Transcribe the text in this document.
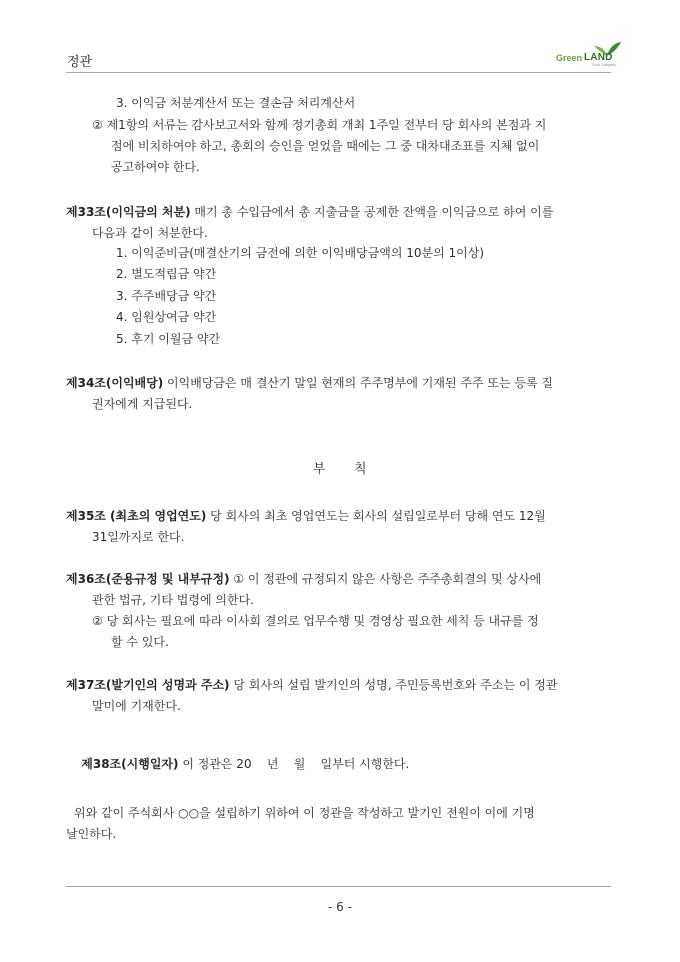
정관	Green LAND
Food Company
3. 이익금 처분계산서 또는 결손금 처리계산서
② 제1항의 서류는 감사보고서와 함께 정기총회 개최 1주일 전부터 당 회사의 본점과 지
점에 비치하여야 하고, 총회의 승인을 얻었을 때에는 그 중 대차대조표를 지체 없이
공고하여야 한다.
제33조(이익금의 처분) 매기 총 수입금에서 총 지출금을 공제한 잔액을 이익금으로 하여 이를
다음과 같이 처분한다.
1. 이익준비금(매결산기의 금전에 의한 이익배당금액의 10분의 1이상)
2. 별도적립금 약간
3. 주주배당금 약간
4. 임원상여금 약간
5. 후기 이월금 약간
제34조(이익배당) 이익배당금은 매 결산기 말일 현재의 주주명부에 기재된 주주 또는 등록 질
권자에게 지급된다.
부 칙
제35조 (최초의 영업연도) 당 회사의 최초 영업연도는 회사의 설립일로부터 당해 연도 12월
31일까지로 한다.
제36조(준용규정 및 내부규정) ① 이 정관에 규정되지 않은 사항은 주주총회결의 및 상사에
관한 법규, 기타 법령에 의한다.
② 당 회사는 필요에 따라 이사회 결의로 업무수행 및 경영상 필요한 세칙 등 내규를 정
할 수 있다.
제37조(발기인의 성명과 주소) 당 회사의 설립 발기인의 성명, 주민등록번호와 주소는 이 정관
말미에 기재한다.

제38조(시행일자) 이 정관은 20    년    월    일부터 시행한다.

위와 같이 주식회사 ○○을 설립하기 위하여 이 정관을 작성하고 발기인 전원이 이에 기명
날인하다.
- 6 -
